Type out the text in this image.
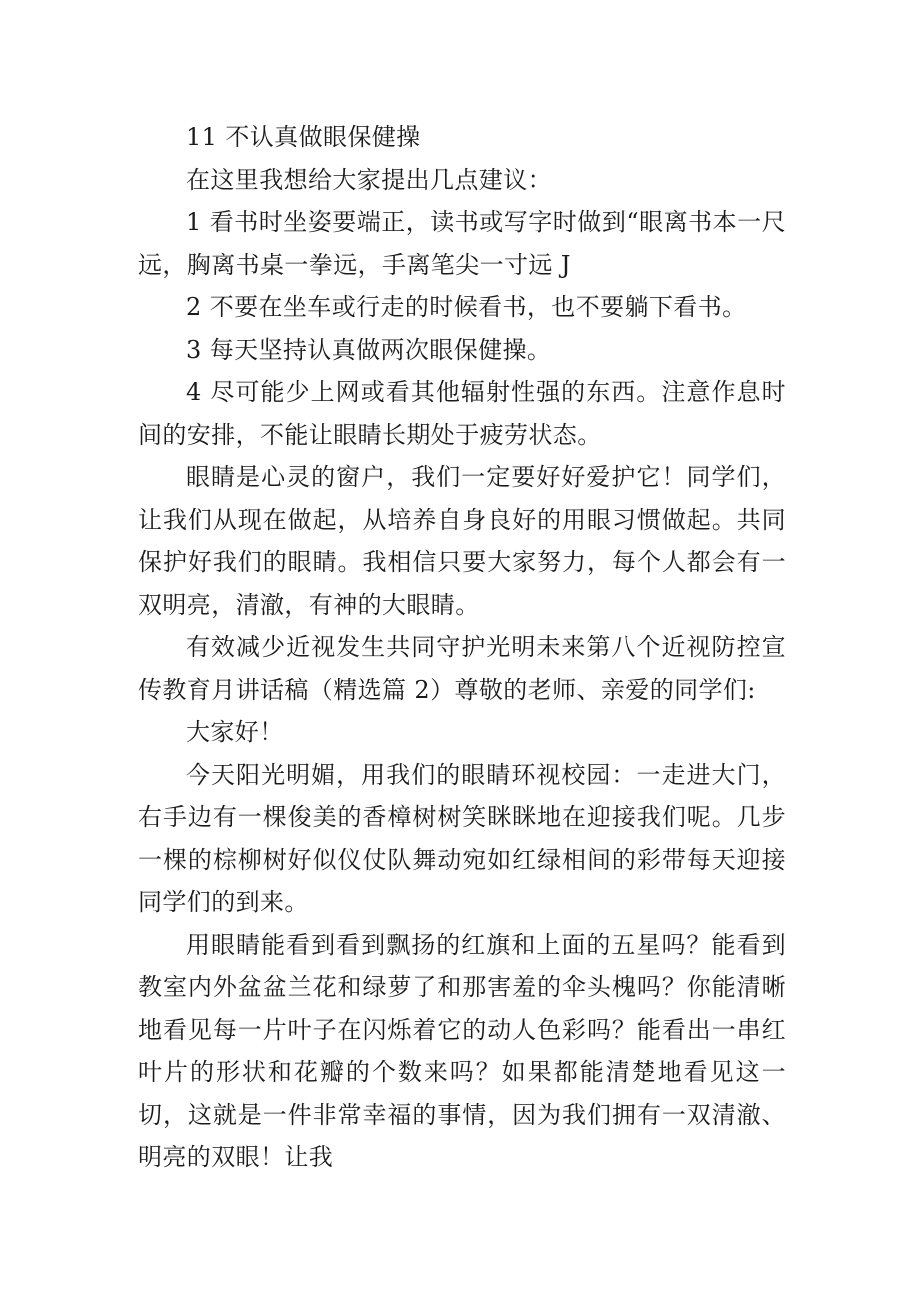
11 不认真做眼保健操

在这里我想给大家提出几点建议：

1 看书时坐姿要端正，读书或写字时做到“眼离书本一尺远，胸离书桌一拳远，手离笔尖一寸远 J

2 不要在坐车或行走的时候看书，也不要躺下看书。

3 每天坚持认真做两次眼保健操。

4 尽可能少上网或看其他辐射性强的东西。注意作息时间的安排，不能让眼睛长期处于疲劳状态。

眼睛是心灵的窗户，我们一定要好好爱护它！同学们，让我们从现在做起，从培养自身良好的用眼习惯做起。共同保护好我们的眼睛。我相信只要大家努力，每个人都会有一双明亮，清澈，有神的大眼睛。

有效减少近视发生共同守护光明未来第八个近视防控宣传教育月讲话稿（精选篇 2）尊敬的老师、亲爱的同学们:

大家好！

今天阳光明媚，用我们的眼睛环视校园：一走进大门，右手边有一棵俊美的香樟树树笑眯眯地在迎接我们呢。几步一棵的棕柳树好似仪仗队舞动宛如红绿相间的彩带每天迎接同学们的到来。

用眼睛能看到看到飘扬的红旗和上面的五星吗？能看到教室内外盆盆兰花和绿萝了和那害羞的伞头槐吗？你能清晰地看见每一片叶子在闪烁着它的动人色彩吗？能看出一串红叶片的形状和花瓣的个数来吗？如果都能清楚地看见这一切，这就是一件非常幸福的事情，因为我们拥有一双清澈、明亮的双眼！让我
